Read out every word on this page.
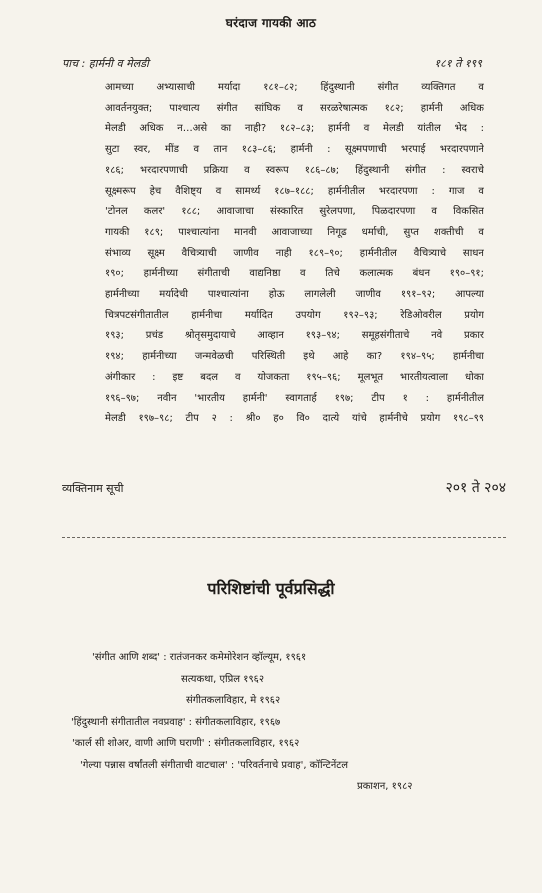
घरंदाज गायकी आठ
पाच : हार्मनी व मेलडी	१८१ ते १९९
आमच्या अभ्यासाची मर्यादा १८१–८२; हिंदुस्थानी संगीत व्यक्तिगत व
आवर्तनयुक्त; पाश्चात्य संगीत सांघिक व सरळरेषात्मक १८२; हार्मनी अधिक
मेलडी अधिक न…असे का नाही? १८२–८३; हार्मनी व मेलडी यांतील भेद :
सुटा स्वर, मींड व तान १८३–८६; हार्मनी : सूक्ष्मपणाची भरपाई भरदारपणाने
१८६; भरदारपणाची प्रक्रिया व स्वरूप १८६–८७; हिंदुस्थानी संगीत : स्वराचे
सूक्ष्मरूप हेच वैशिष्ट्य व सामर्थ्य १८७–१८८; हार्मनीतील भरदारपणा : गाज व
'टोनल कलर' १८८; आवाजाचा संस्कारित सुरेलपणा, पिळदारपणा व विकसित
गायकी १८९; पाश्चात्यांना मानवी आवाजाच्या निगूढ धर्माची, सुप्त शक्तीची व
संभाव्य सूक्ष्म वैचित्र्याची जाणीव नाही १८९–९०; हार्मनीतील वैचित्र्याचे साधन
१९०; हार्मनीच्या संगीताची वाद्यनिष्ठा व तिचे कलात्मक बंधन १९०–९१;
हार्मनीच्या मर्यादेची पाश्चात्यांना होऊ लागलेली जाणीव १९१–९२; आपल्या
चित्रपटसंगीतातील हार्मनीचा मर्यादित उपयोग १९२–९३; रेडिओवरील प्रयोग
१९३; प्रचंड श्रोतृसमुदायाचे आव्हान १९३–९४; समूहसंगीताचे नवे प्रकार
१९४; हार्मनीच्या जन्मवेळची परिस्थिती इथे आहे का? १९४–९५; हार्मनीचा
अंगीकार : इष्ट बदल व योजकता १९५–९६; मूलभूत भारतीयत्वाला धोका
१९६–९७; नवीन 'भारतीय हार्मनी' स्वागतार्ह १९७; टीप १ : हार्मनीतील
मेलडी १९७–९८; टीप २ : श्री० ह० वि० दात्ये यांचे हार्मनीचे प्रयोग १९८–९९
व्यक्तिनाम सूची	२०१ ते २०४
परिशिष्टांची पूर्वप्रसिद्धी
'संगीत आणि शब्द' : रातंजनकर कमेमोरेशन व्हॉल्यूम, १९६१
सत्यकथा, एप्रिल १९६२
संगीतकलाविहार, मे १९६२
'हिंदुस्थानी संगीतातील नवप्रवाह' : संगीतकलाविहार, १९६७
'कार्ल सी शोअर, वाणी आणि घराणी' : संगीतकलाविहार, १९६२
'गेल्या पन्नास वर्षांतली संगीताची वाटचाल' : 'परिवर्तनाचे प्रवाह', कॉन्टिनेंटल
प्रकाशन, १९८२
